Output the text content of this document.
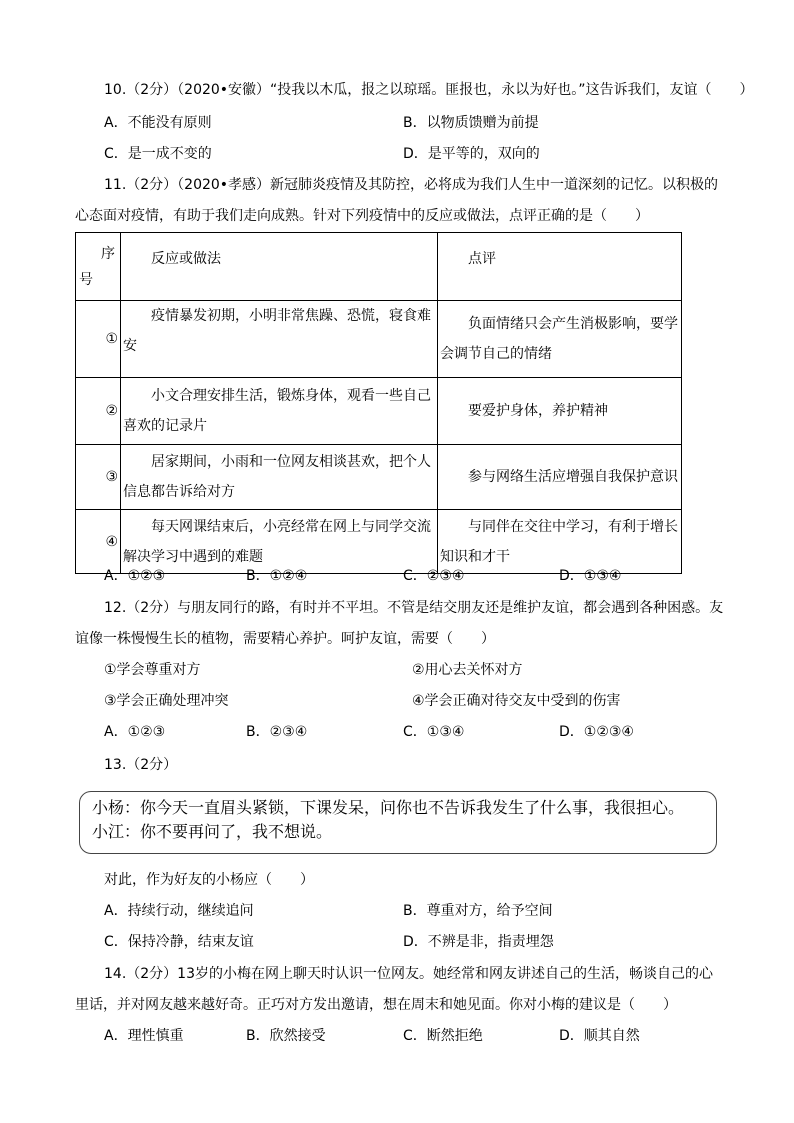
10.（2分）（2020•安徽）“投我以木瓜，报之以琼瑶。匪报也，永以为好也。”这告诉我们，友谊（　　）
A．不能没有原则	B．以物质馈赠为前提
C．是一成不变的	D．是平等的，双向的
11.（2分）（2020•孝感）新冠肺炎疫情及其防控，必将成为我们人生中一道深刻的记忆。以积极的
心态面对疫情，有助于我们走向成熟。针对下列疫情中的反应或做法，点评正确的是（　　）
序号	反应或做法	点评
①	疫情暴发初期，小明非常焦躁、恐慌，寝食难安	负面情绪只会产生消极影响，要学会调节自己的情绪
②	小文合理安排生活，锻炼身体，观看一些自己喜欢的记录片	要爱护身体，养护精神
③	居家期间，小雨和一位网友相谈甚欢，把个人信息都告诉给对方	参与网络生活应增强自我保护意识
④	每天网课结束后，小亮经常在网上与同学交流解决学习中遇到的难题	与同伴在交往中学习，有利于增长知识和才干
A．①②③	B．①②④	C．②③④	D．①③④
12.（2分）与朋友同行的路，有时并不平坦。不管是结交朋友还是维护友谊，都会遇到各种困惑。友
谊像一株慢慢生长的植物，需要精心养护。呵护友谊，需要（　　）
①学会尊重对方	②用心去关怀对方
③学会正确处理冲突	④学会正确对待交友中受到的伤害
A．①②③	B．②③④	C．①③④	D．①②③④
13.（2分）
小杨：你今天一直眉头紧锁，下课发呆，问你也不告诉我发生了什么事，我很担心。
小江：你不要再问了，我不想说。
对此，作为好友的小杨应（　　）
A．持续行动，继续追问	B．尊重对方，给予空间
C．保持冷静，结束友谊	D．不辨是非，指责埋怨
14.（2分）13岁的小梅在网上聊天时认识一位网友。她经常和网友讲述自己的生活，畅谈自己的心
里话，并对网友越来越好奇。正巧对方发出邀请，想在周末和她见面。你对小梅的建议是（　　）
A．理性慎重	B．欣然接受	C．断然拒绝	D．顺其自然
